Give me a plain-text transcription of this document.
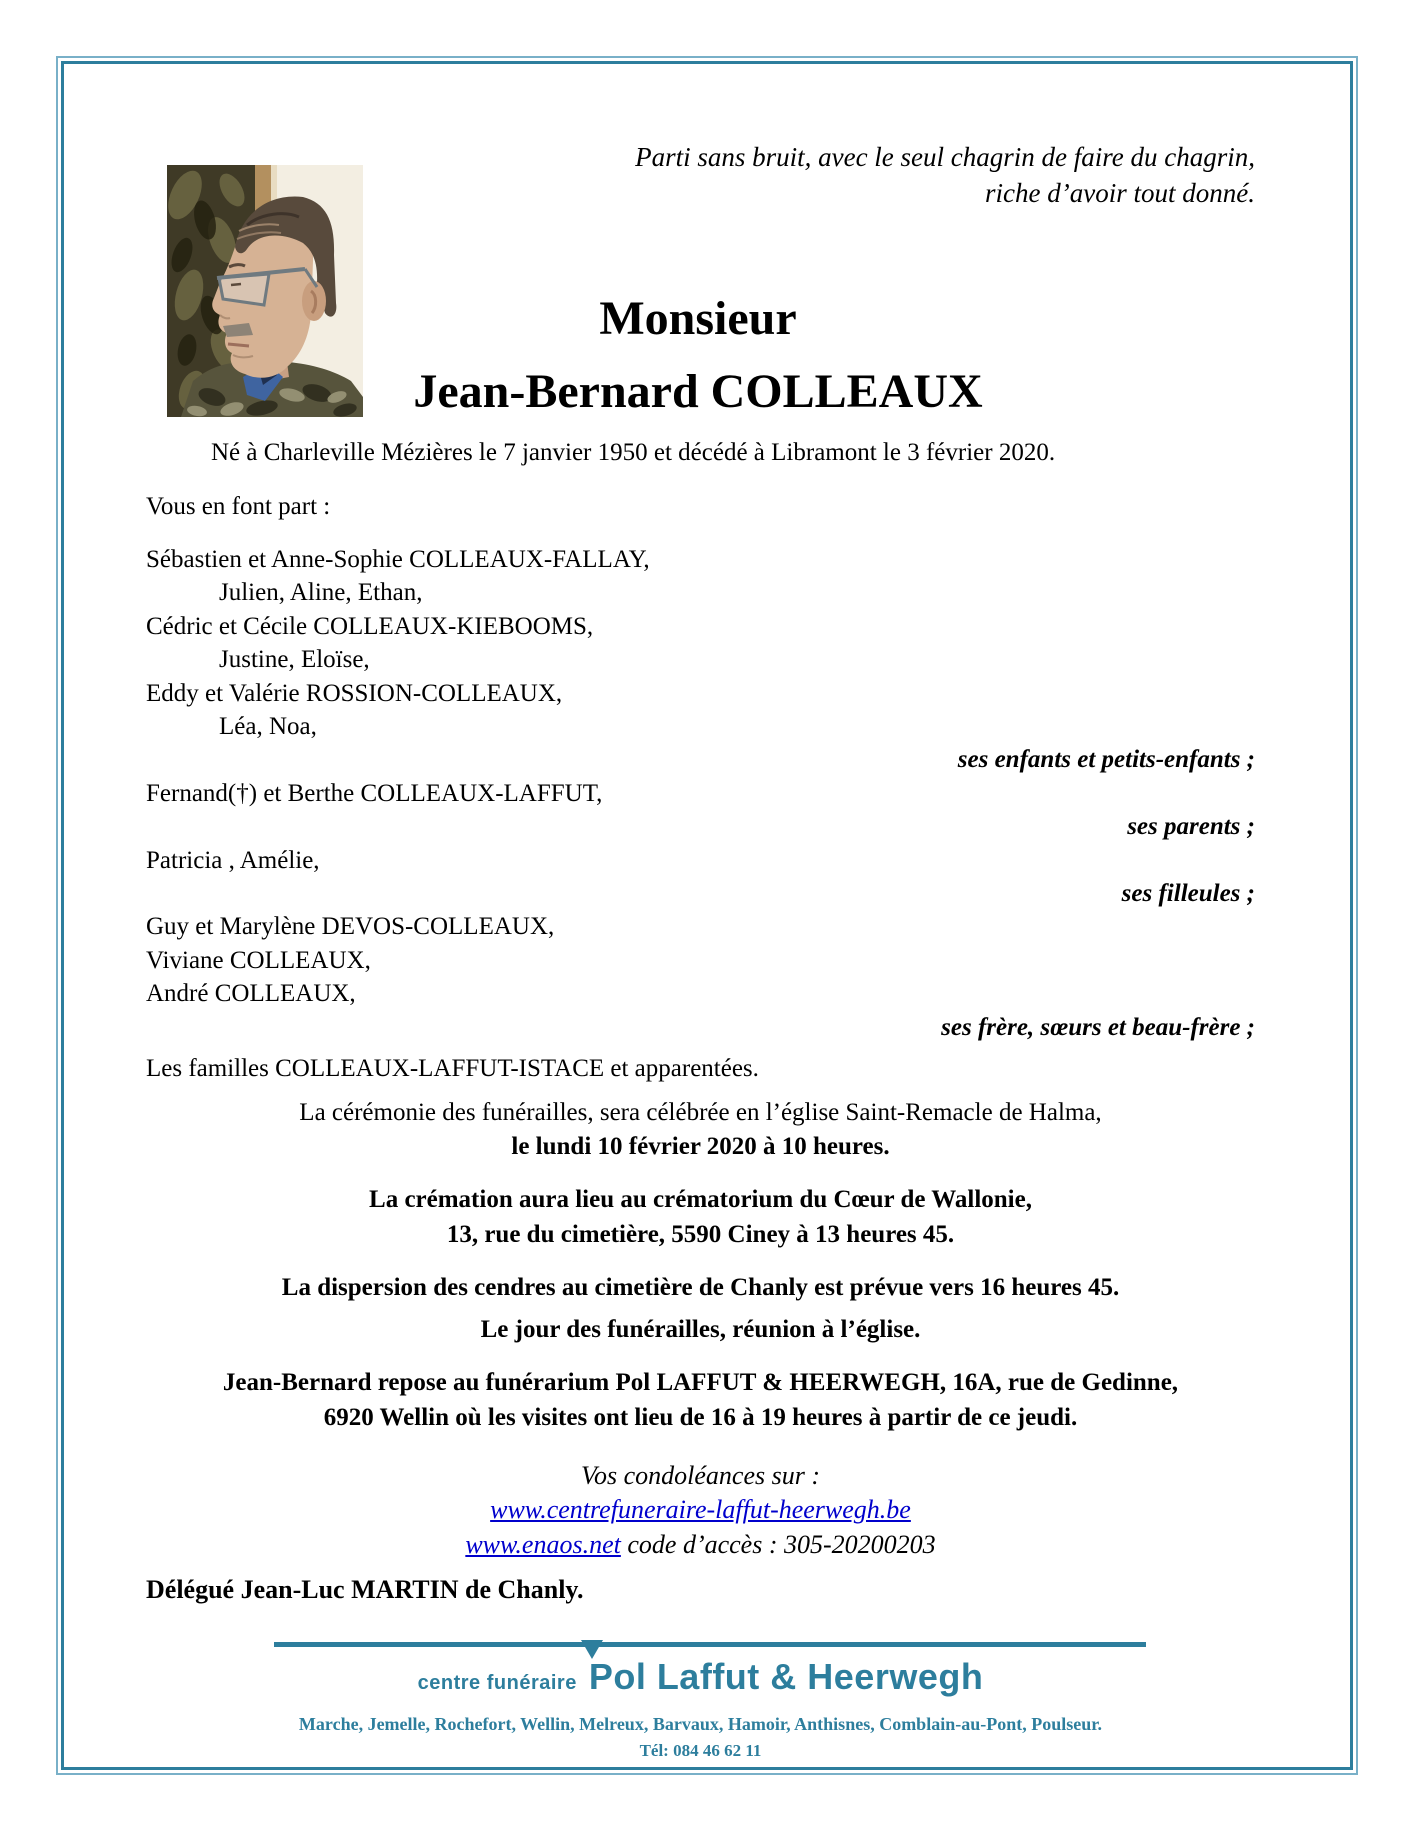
Parti sans bruit, avec le seul chagrin de faire du chagrin,
riche d’avoir tout donné.
Monsieur
Jean-Bernard COLLEAUX
Né à Charleville Mézières le 7 janvier 1950 et décédé à Libramont le 3 février 2020.
Vous en font part :
Sébastien et Anne-Sophie COLLEAUX-FALLAY,
Julien, Aline, Ethan,
Cédric et Cécile COLLEAUX-KIEBOOMS,
Justine, Eloïse,
Eddy et Valérie ROSSION-COLLEAUX,
Léa, Noa,
ses enfants et petits-enfants ;
Fernand(†) et Berthe COLLEAUX-LAFFUT,
ses parents ;
Patricia , Amélie,
ses filleules ;
Guy et Marylène DEVOS-COLLEAUX,
Viviane COLLEAUX,
André COLLEAUX,
ses frère, sœurs et beau-frère ;
Les familles COLLEAUX-LAFFUT-ISTACE et apparentées.
La cérémonie des funérailles, sera célébrée en l’église Saint-Remacle de Halma,
le lundi 10 février 2020 à 10 heures.
La crémation aura lieu au crématorium du Cœur de Wallonie,
13, rue du cimetière, 5590 Ciney à 13 heures 45.
La dispersion des cendres au cimetière de Chanly est prévue vers 16 heures 45.
Le jour des funérailles, réunion à l’église.
Jean-Bernard repose au funérarium Pol LAFFUT & HEERWEGH, 16A, rue de Gedinne,
6920 Wellin où les visites ont lieu de 16 à 19 heures à partir de ce jeudi.
Vos condoléances sur :
www.centrefuneraire-laffut-heerwegh.be
www.enaos.net code d’accès : 305-20200203
Délégué Jean-Luc MARTIN de Chanly.
centre funéraire Pol Laffut & Heerwegh
Marche, Jemelle, Rochefort, Wellin, Melreux, Barvaux, Hamoir, Anthisnes, Comblain-au-Pont, Poulseur.
Tél: 084 46 62 11
